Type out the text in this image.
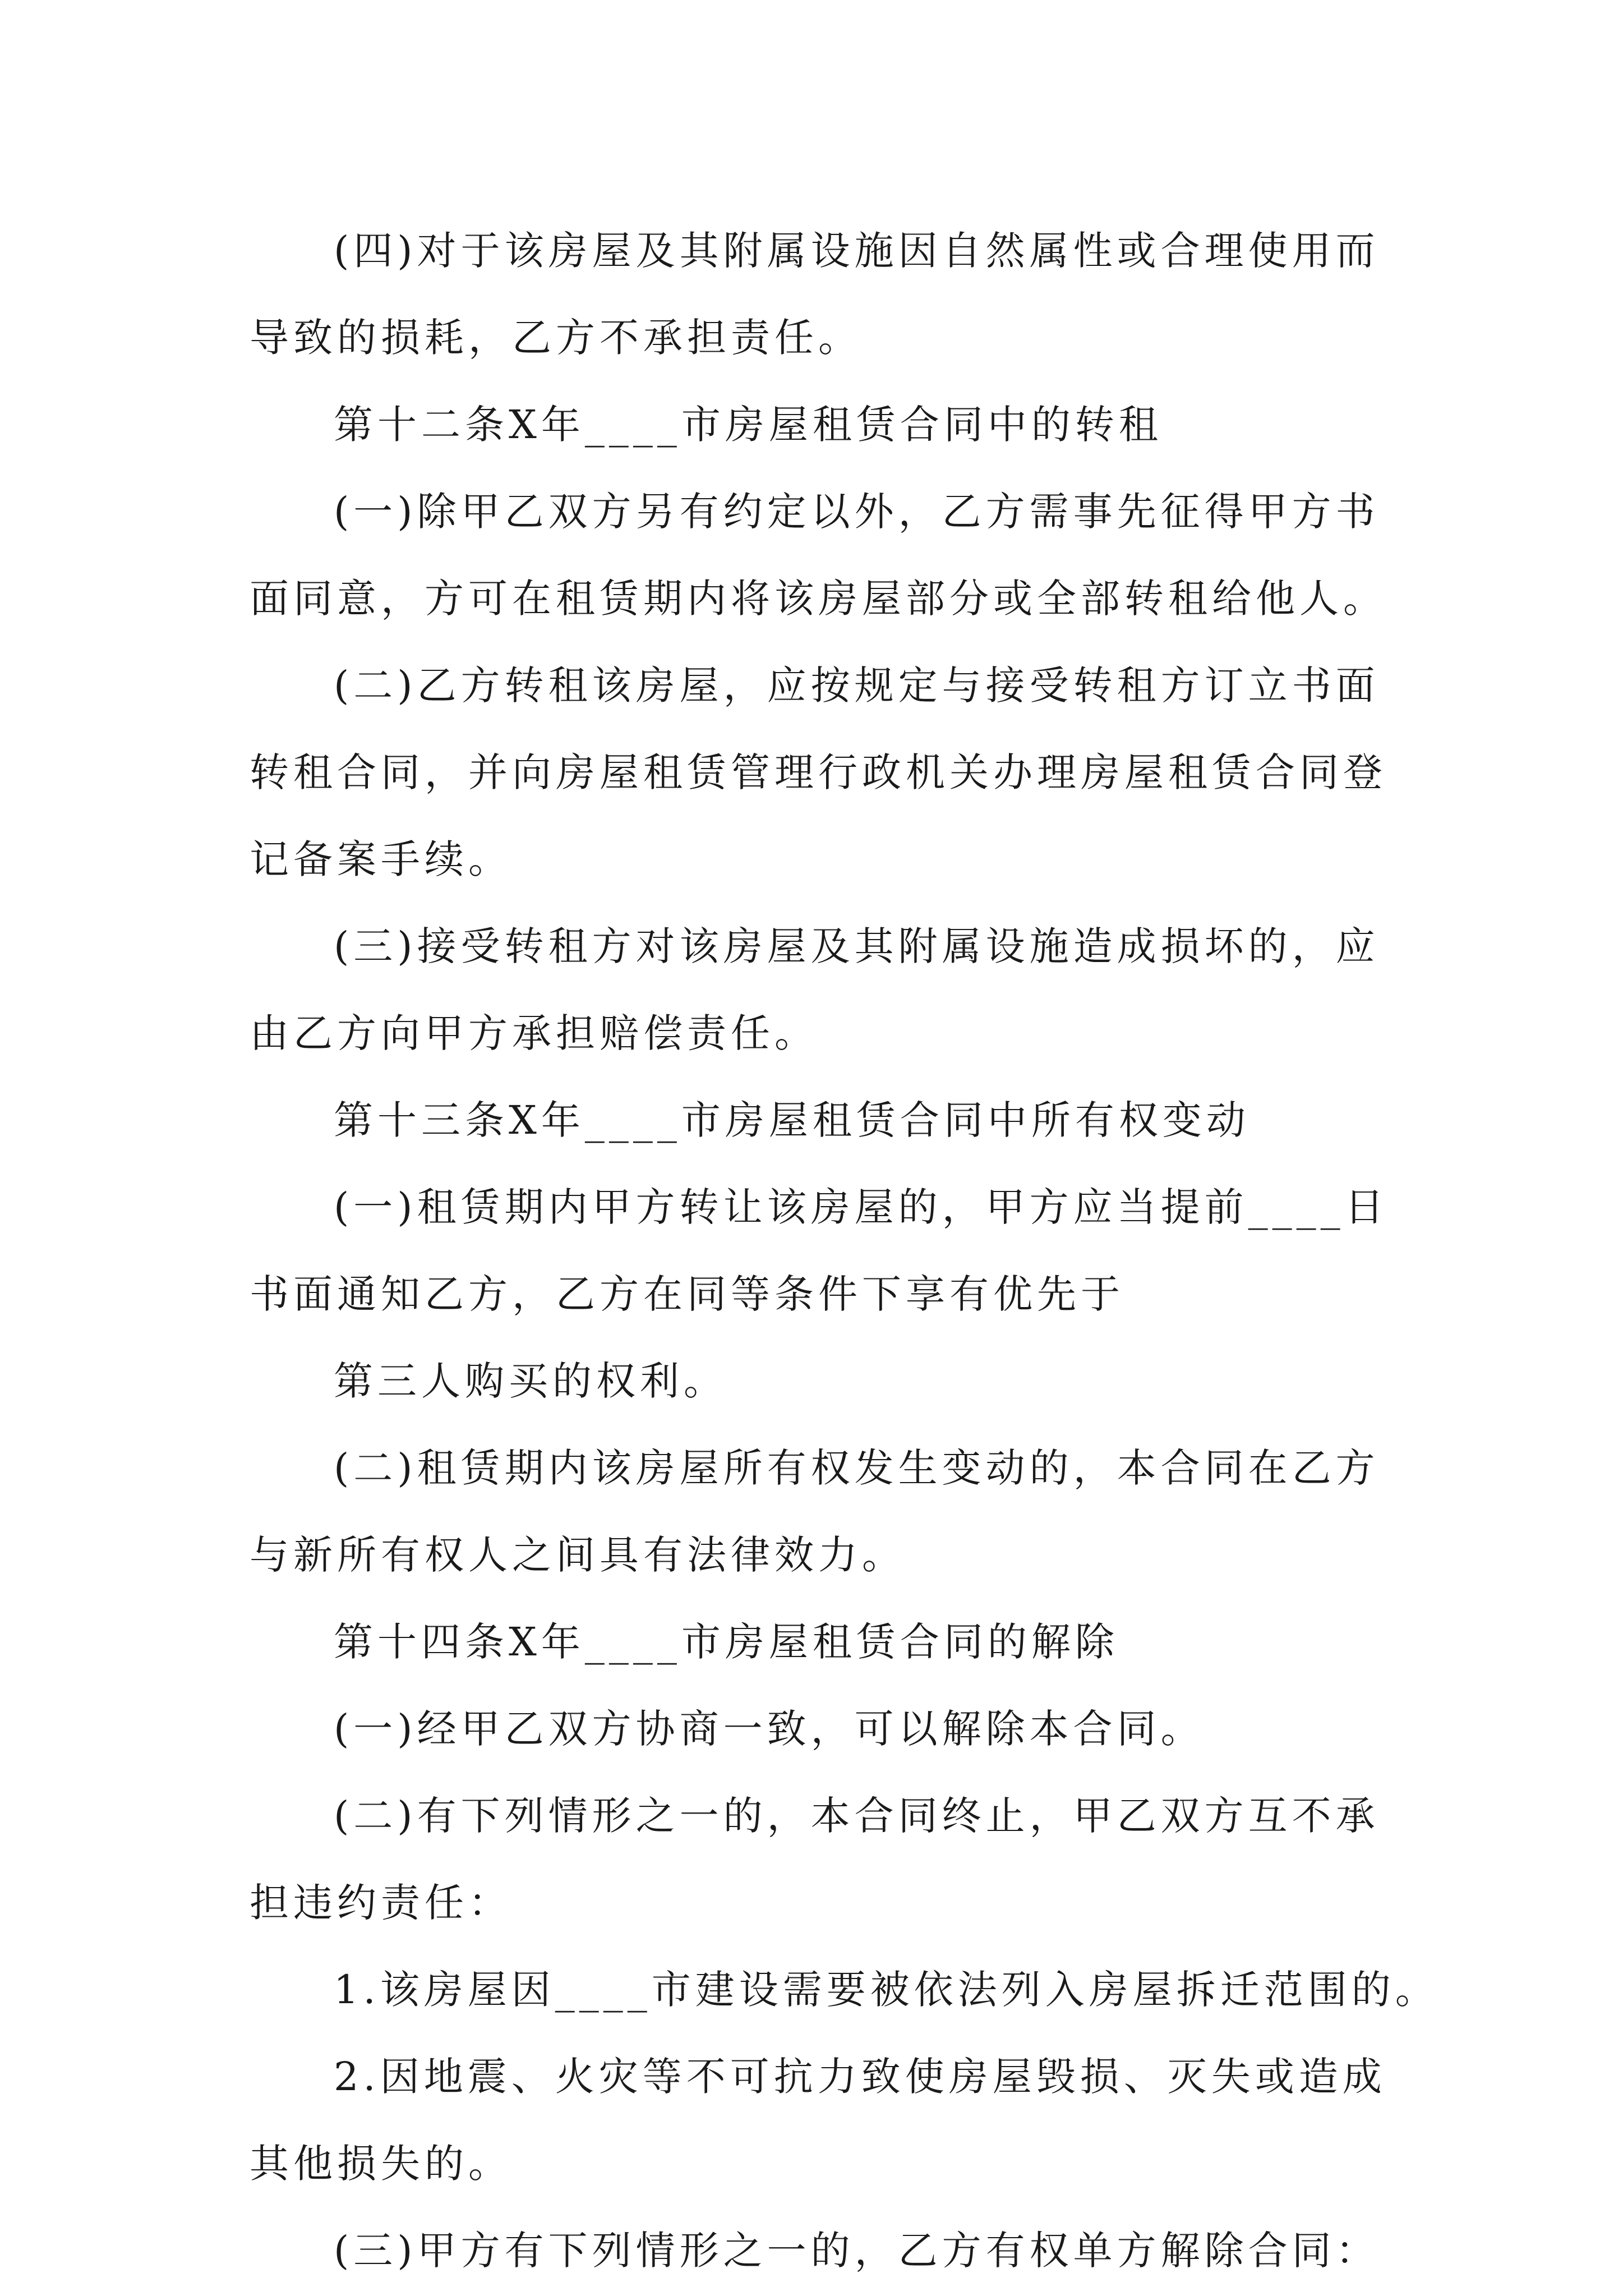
(四)对于该房屋及其附属设施因自然属性或合理使用而
导致的损耗，乙方不承担责任。
第十二条X年____市房屋租赁合同中的转租
(一)除甲乙双方另有约定以外，乙方需事先征得甲方书
面同意，方可在租赁期内将该房屋部分或全部转租给他人。
(二)乙方转租该房屋，应按规定与接受转租方订立书面
转租合同，并向房屋租赁管理行政机关办理房屋租赁合同登
记备案手续。
(三)接受转租方对该房屋及其附属设施造成损坏的，应
由乙方向甲方承担赔偿责任。
第十三条X年____市房屋租赁合同中所有权变动
(一)租赁期内甲方转让该房屋的，甲方应当提前____日
书面通知乙方，乙方在同等条件下享有优先于
第三人购买的权利。
(二)租赁期内该房屋所有权发生变动的，本合同在乙方
与新所有权人之间具有法律效力。
第十四条X年____市房屋租赁合同的解除
(一)经甲乙双方协商一致，可以解除本合同。
(二)有下列情形之一的，本合同终止，甲乙双方互不承
担违约责任：
1.该房屋因____市建设需要被依法列入房屋拆迁范围的。
2.因地震、火灾等不可抗力致使房屋毁损、灭失或造成
其他损失的。
(三)甲方有下列情形之一的，乙方有权单方解除合同：
